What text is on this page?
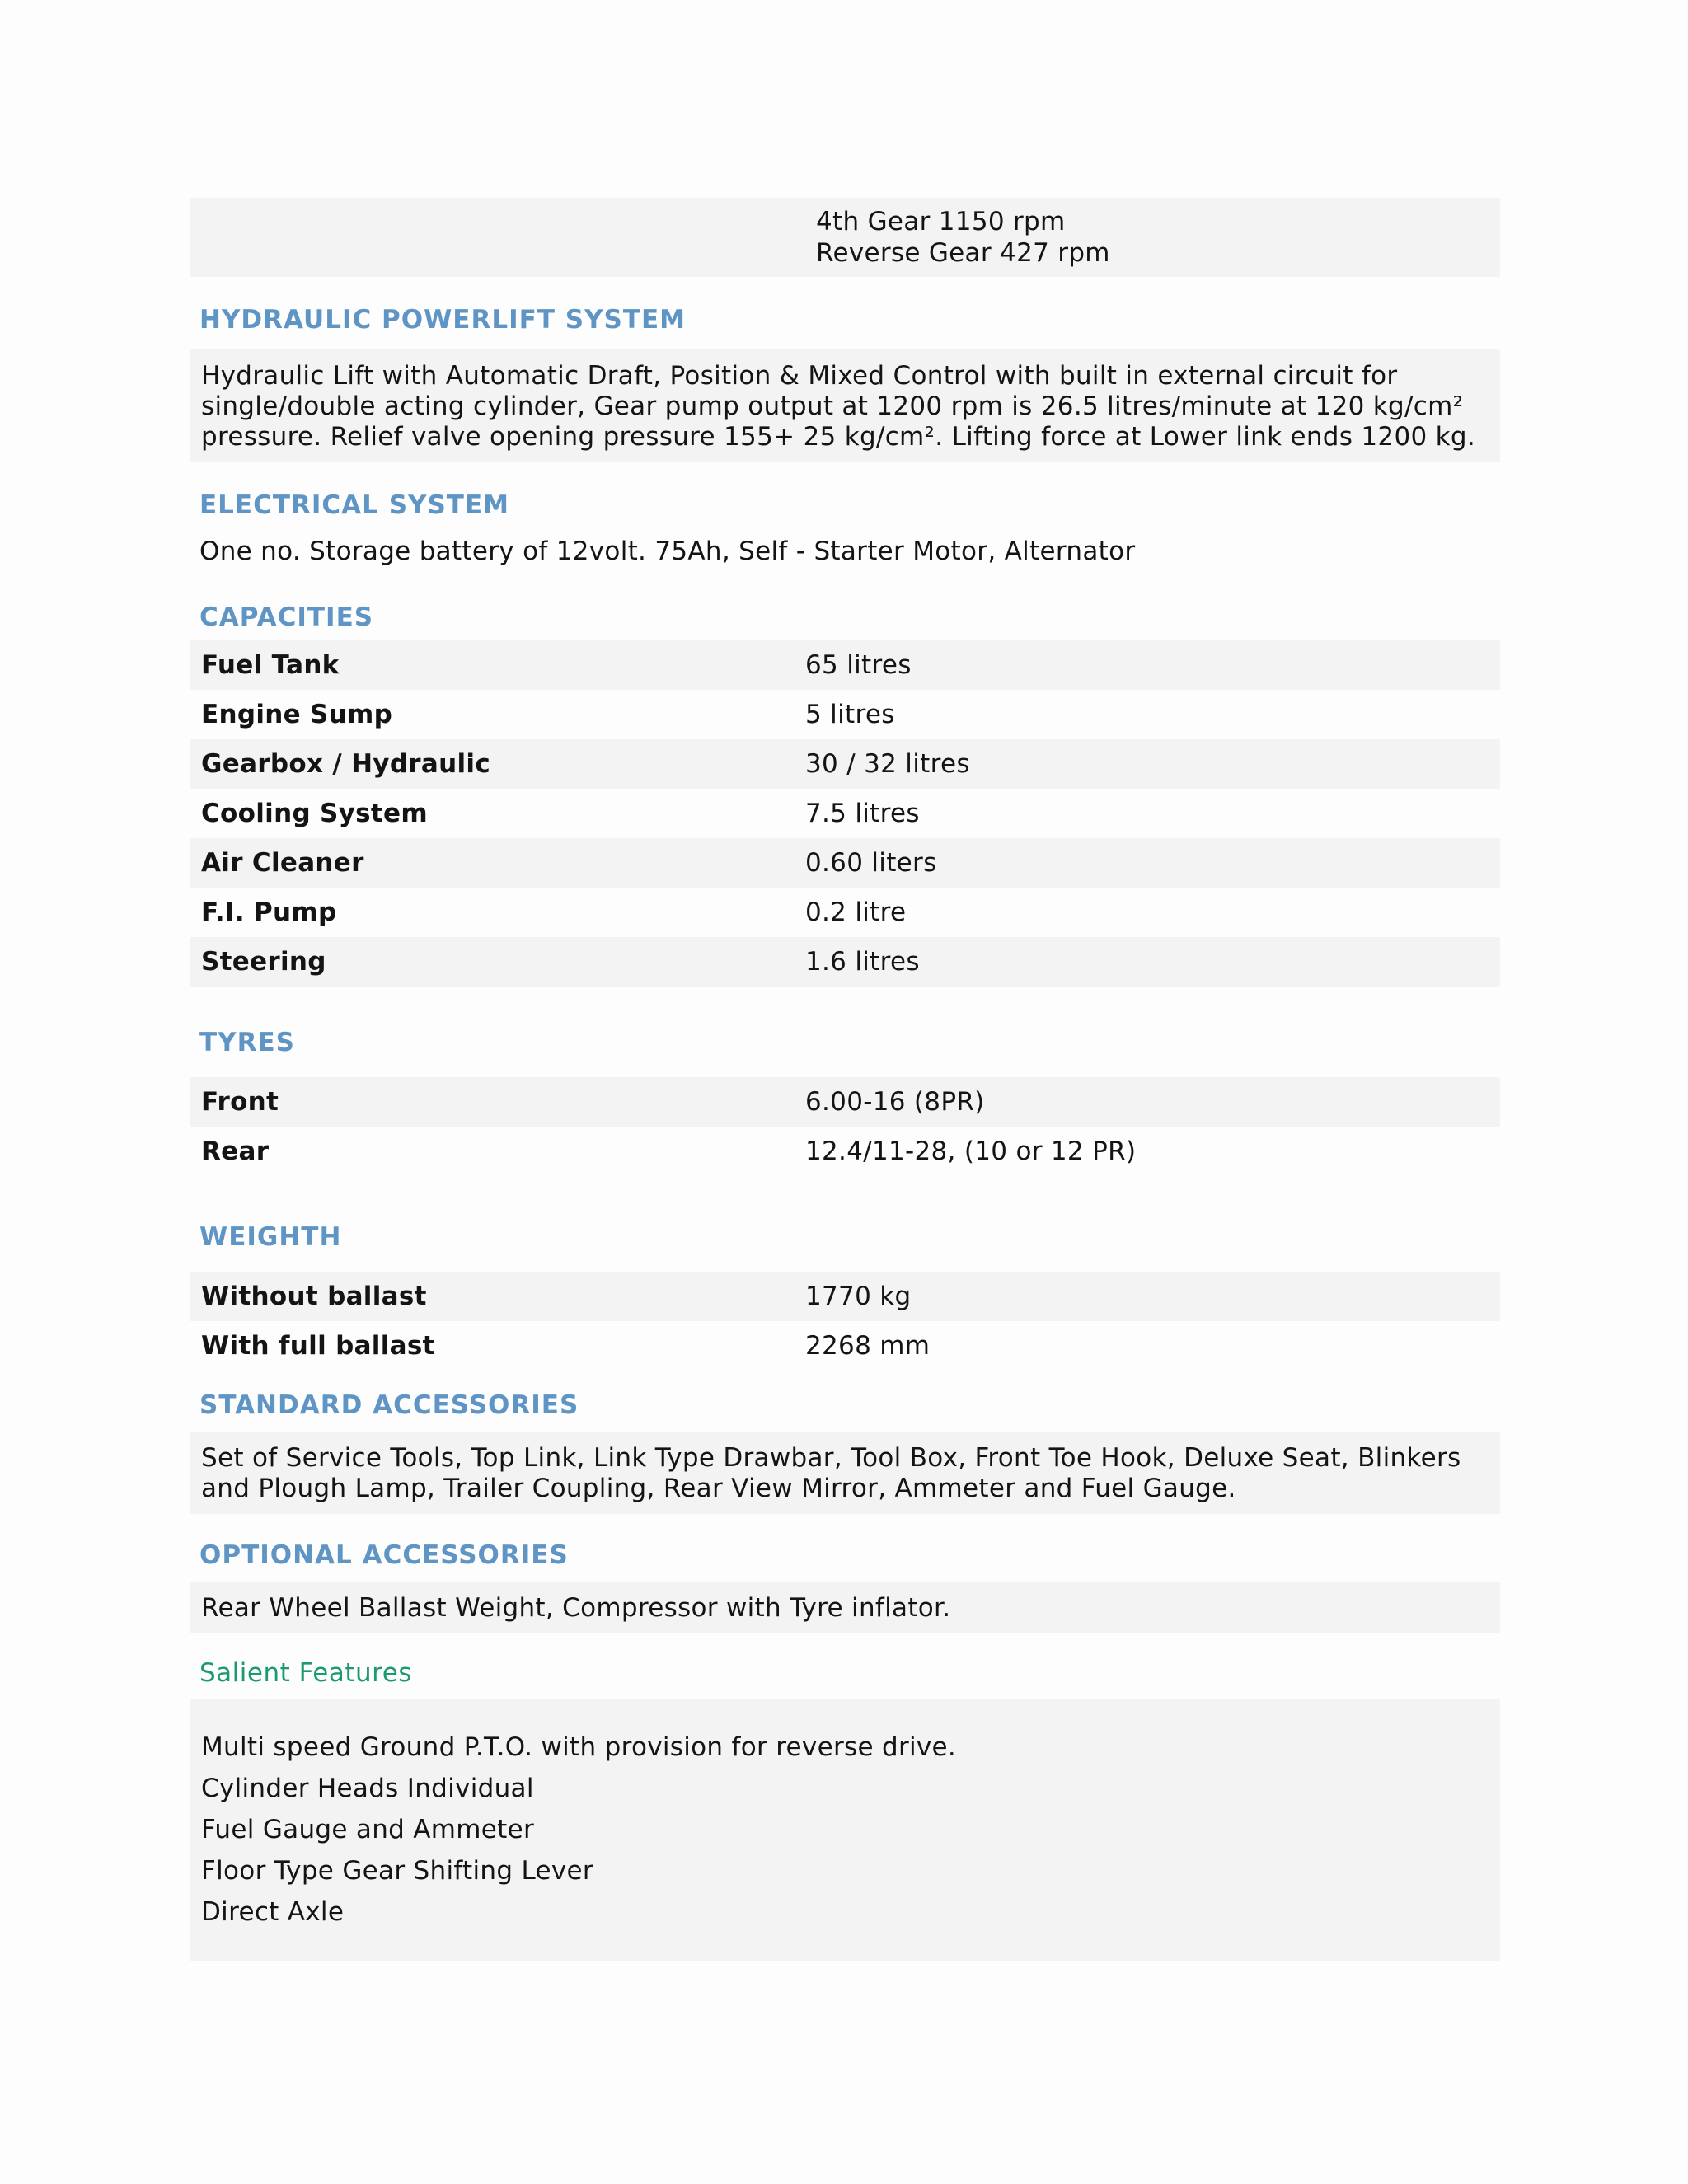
4th Gear 1150 rpm
Reverse Gear 427 rpm
HYDRAULIC POWERLIFT SYSTEM
Hydraulic Lift with Automatic Draft, Position & Mixed Control with built in external circuit for single/double acting cylinder, Gear pump output at 1200 rpm is 26.5 litres/minute at 120 kg/cm² pressure. Relief valve opening pressure 155+ 25 kg/cm². Lifting force at Lower link ends 1200 kg.
ELECTRICAL SYSTEM
One no. Storage battery of 12volt. 75Ah, Self - Starter Motor, Alternator
CAPACITIES
Fuel Tank	65 litres
Engine Sump	5 litres
Gearbox / Hydraulic	30 / 32 litres
Cooling System	7.5 litres
Air Cleaner	0.60 liters
F.I. Pump	0.2 litre
Steering	1.6 litres
TYRES
Front	6.00-16 (8PR)
Rear	12.4/11-28, (10 or 12 PR)
WEIGHTH
Without ballast	1770 kg
With full ballast	2268 mm
STANDARD ACCESSORIES
Set of Service Tools, Top Link, Link Type Drawbar, Tool Box, Front Toe Hook, Deluxe Seat, Blinkers and Plough Lamp, Trailer Coupling, Rear View Mirror, Ammeter and Fuel Gauge.
OPTIONAL ACCESSORIES
Rear Wheel Ballast Weight, Compressor with Tyre inflator.
Salient Features
Multi speed Ground P.T.O. with provision for reverse drive.
Cylinder Heads Individual
Fuel Gauge and Ammeter
Floor Type Gear Shifting Lever
Direct Axle
